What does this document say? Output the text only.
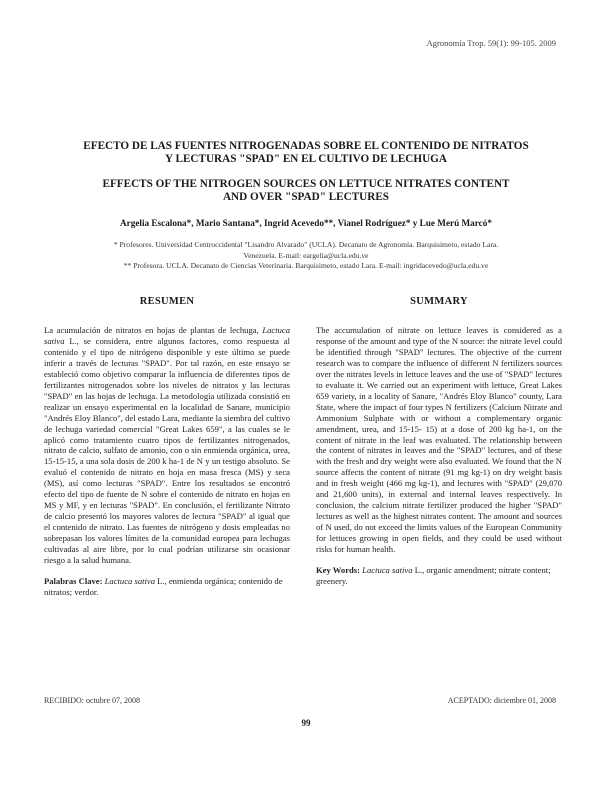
Agronomía Trop. 59(1): 99-105. 2009

EFECTO DE LAS FUENTES NITROGENADAS SOBRE EL CONTENIDO DE NITRATOS
Y LECTURAS "SPAD" EN EL CULTIVO DE LECHUGA

EFFECTS OF THE NITROGEN SOURCES ON LETTUCE NITRATES CONTENT
AND OVER "SPAD" LECTURES

Argelia Escalona*, Mario Santana*, Ingrid Acevedo**, Vianel Rodríguez* y Lue Merú Marcó*
* Profesores. Universidad Centroccidental "Lisandro Alvarado" (UCLA). Decanato de Agronomía. Barquisimeto, estado Lara.
Venezuela. E-mail: eargelia@ucla.edu.ve
** Profesora. UCLA. Decanato de Ciencias Veterinaria. Barquisimeto, estado Lara. E-mail: ingridacevedo@ucla.edu.ve
RESUMEN

La acumulación de nitratos en hojas de plantas de lechuga, Lactuca sativa L., se considera, entre algunos factores, como respuesta al contenido y el tipo de nitrógeno disponible y este último se puede inferir a través de lecturas "SPAD". Por tal razón, en este ensayo se estableció como objetivo comparar la influencia de diferentes tipos de fertilizantes nitrogenados sobre los niveles de nitratos y las lecturas "SPAD" en las hojas de lechuga. La metodología utilizada consistió en realizar un ensayo experimental en la localidad de Sanare, municipio "Andrés Eloy Blanco", del estado Lara, mediante la siembra del cultivo de lechuga variedad comercial "Great Lakes 659", a las cuales se le aplicó como tratamiento cuatro tipos de fertilizantes nitrogenados, nitrato de calcio, sulfato de amonio, con o sin enmienda orgánica, urea, 15-15-15, a una sola dosis de 200 k ha-1 de N y un testigo absoluto. Se evaluó el contenido de nitrato en hoja en masa fresca (MS) y seca (MS), así como lecturas "SPAD". Entre los resultados se encontró efecto del tipo de fuente de N sobre el contenido de nitrato en hojas en MS y MF, y en lecturas "SPAD". En conclusión, el fertilizante Nitrato de calcio presentó los mayores valores de lectura "SPAD" al igual que el contenido de nitrato. Las fuentes de nitrógeno y dosis empleadas no sobrepasan los valores límites de la comunidad europea para lechugas cultivadas al aire libre, por lo cual podrían utilizarse sin ocasionar riesgo a la salud humana.

Palabras Clave: Lactuca sativa L., enmienda orgánica; contenido de nitratos; verdor.

SUMMARY

The accumulation of nitrate on lettuce leaves is considered as a response of the amount and type of the N source: the nitrate level could be identified through "SPAD" lectures. The objective of the current research was to compare the influence of different N fertilizers sources over the nitrates levels in lettuce leaves and the use of "SPAD" lectures to evaluate it. We carried out an experiment with lettuce, Great Lakes 659 variety, in a locality of Sanare, "Andrés Eloy Blanco" county, Lara State, where the impact of four types N fertilizers (Calcium Nitrate and Ammonium Sulphate with or without a complementary organic amendment, urea, and 15-15- 15) at a dose of 200 kg ha-1, on the content of nitrate in the leaf was evaluated. The relationship between the content of nitrates in leaves and the "SPAD" lectures, and of these with the fresh and dry weight were also evaluated. We found that the N source affects the content of nitrate (91 mg kg-1) on dry weight basis and in fresh weight (466 mg kg-1), and lectures with "SPAD" (29,070 and 21,600 units), in external and internal leaves respectively. In conclusion, the calcium nitrate fertilizer produced the higher "SPAD" lectures as well as the highest nitrates content. The amount and sources of N used, do not exceed the limits values of the European Community for lettuces growing in open fields, and they could be used without risks for human health.

Key Words: Lactuca sativa L., organic amendment; nitrate content; greenery.

RECIBIDO: octubre 07, 2008	ACEPTADO: diciembre 01, 2008
99
